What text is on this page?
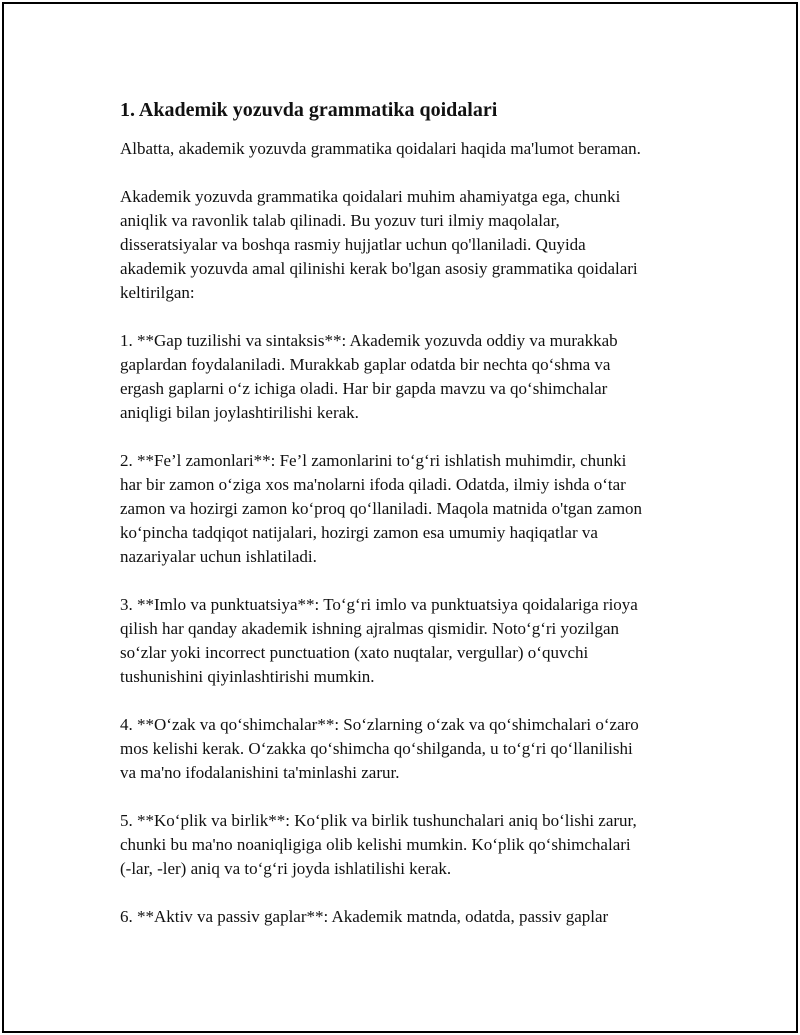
1. Akademik yozuvda grammatika qoidalari

Albatta, akademik yozuvda grammatika qoidalari haqida ma'lumot beraman.

Akademik yozuvda grammatika qoidalari muhim ahamiyatga ega, chunki
aniqlik va ravonlik talab qilinadi. Bu yozuv turi ilmiy maqolalar,
disseratsiyalar va boshqa rasmiy hujjatlar uchun qo'llaniladi. Quyida
akademik yozuvda amal qilinishi kerak bo'lgan asosiy grammatika qoidalari
keltirilgan:

1. **Gap tuzilishi va sintaksis**: Akademik yozuvda oddiy va murakkab
gaplardan foydalaniladi. Murakkab gaplar odatda bir nechta qo‘shma va
ergash gaplarni o‘z ichiga oladi. Har bir gapda mavzu va qo‘shimchalar
aniqligi bilan joylashtirilishi kerak.

2. **Fe’l zamonlari**: Fe’l zamonlarini to‘g‘ri ishlatish muhimdir, chunki
har bir zamon o‘ziga xos ma'nolarni ifoda qiladi. Odatda, ilmiy ishda o‘tar
zamon va hozirgi zamon ko‘proq qo‘llaniladi. Maqola matnida o'tgan zamon
ko‘pincha tadqiqot natijalari, hozirgi zamon esa umumiy haqiqatlar va
nazariyalar uchun ishlatiladi.

3. **Imlo va punktuatsiya**: To‘g‘ri imlo va punktuatsiya qoidalariga rioya
qilish har qanday akademik ishning ajralmas qismidir. Noto‘g‘ri yozilgan
so‘zlar yoki incorrect punctuation (xato nuqtalar, vergullar) o‘quvchi
tushunishini qiyinlashtirishi mumkin.

4. **O‘zak va qo‘shimchalar**: So‘zlarning o‘zak va qo‘shimchalari o‘zaro
mos kelishi kerak. O‘zakka qo‘shimcha qo‘shilganda, u to‘g‘ri qo‘llanilishi
va ma'no ifodalanishini ta'minlashi zarur.

5. **Ko‘plik va birlik**: Ko‘plik va birlik tushunchalari aniq bo‘lishi zarur,
chunki bu ma'no noaniqligiga olib kelishi mumkin. Ko‘plik qo‘shimchalari
(-lar, -ler) aniq va to‘g‘ri joyda ishlatilishi kerak.

6. **Aktiv va passiv gaplar**: Akademik matnda, odatda, passiv gaplar
